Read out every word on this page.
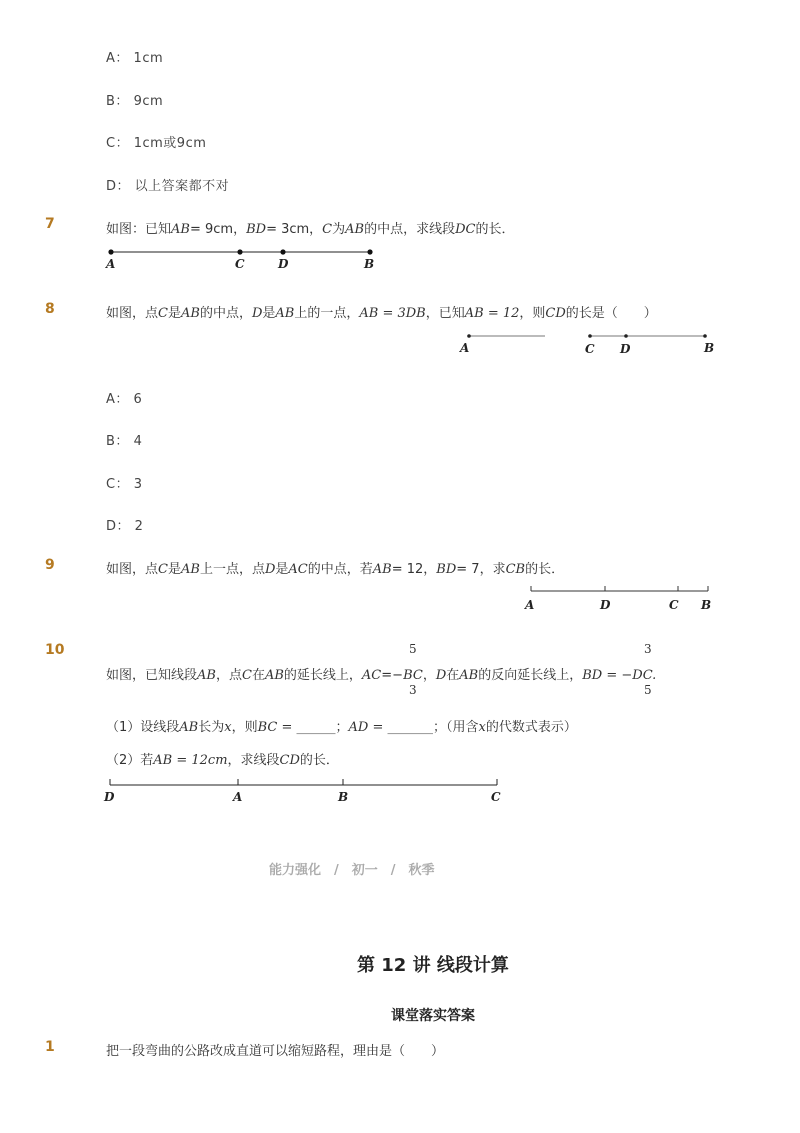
A： 1cm
B： 9cm
C： 1cm或9cm
D： 以上答案都不对
7	如图：已知AB= 9cm，BD= 3cm，C为AB的中点，求线段DC的长．
A	C	D	B
8	如图，点C是AB的中点，D是AB上的一点，AB = 3DB，已知AB = 12，则CD的长是（　　）
A	C D	B
A： 6
B： 4
C： 3
D： 2
9	如图，点C是AB上一点，点D是AC的中点，若AB= 12，BD= 7，求CB的长．
A	D	C B
10	5	3
如图，已知线段AB，点C在AB的延长线上，AC=−BC，D在AB的反向延长线上，BD = −DC.
3	5
（1）设线段AB长为x，则BC = ______；AD = _______；（用含x的代数式表示）
（2）若AB = 12cm，求线段CD的长．
D	A	B	C
能力强化　/　初一　/　秋季
第 12 讲 线段计算
课堂落实答案
1	把一段弯曲的公路改成直道可以缩短路程，理由是（　　）
